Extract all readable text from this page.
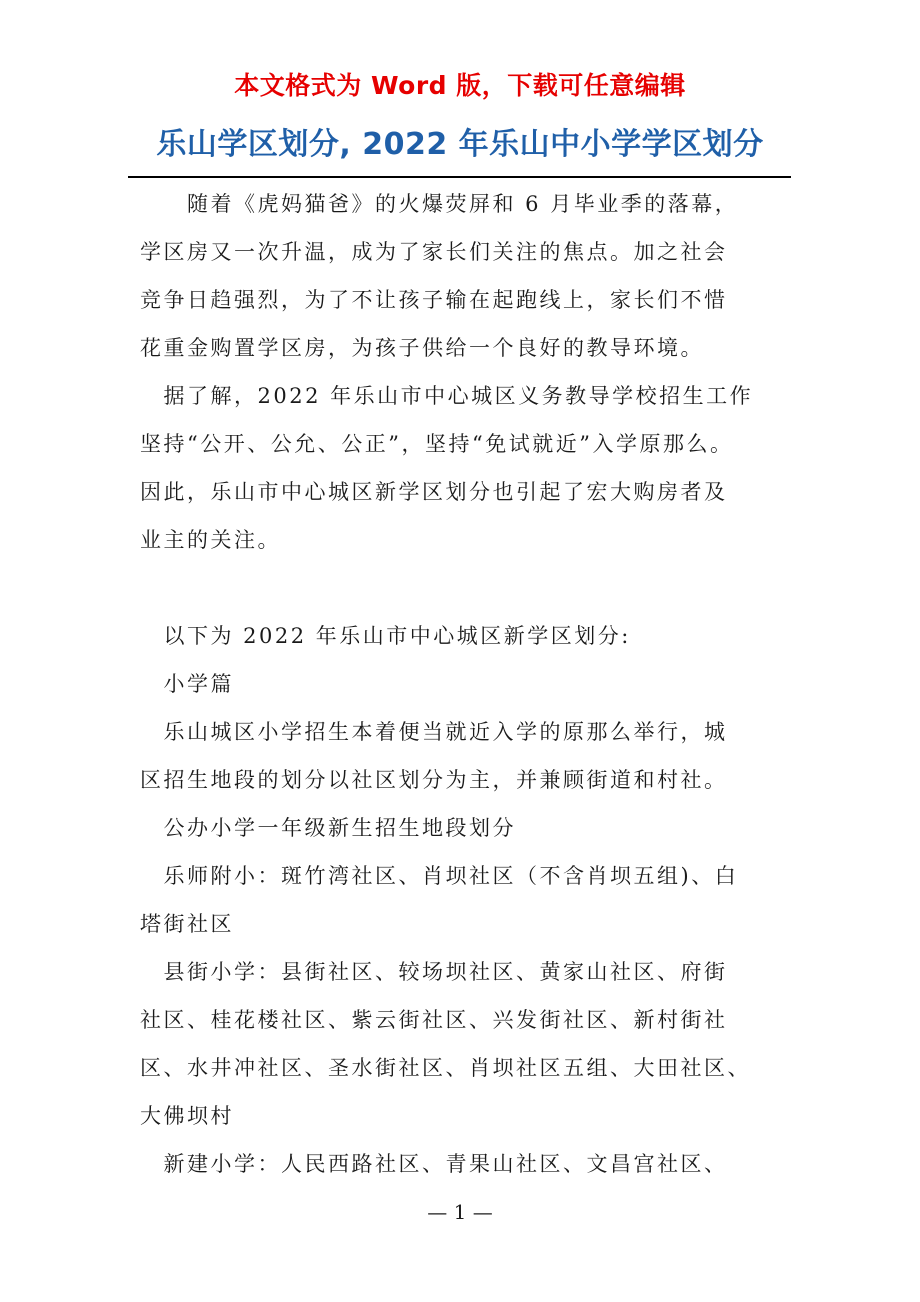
本文格式为 Word 版，下载可任意编辑
乐山学区划分, 2022 年乐山中小学学区划分
　　随着《虎妈猫爸》的火爆荧屏和 6 月毕业季的落幕，
学区房又一次升温，成为了家长们关注的焦点。加之社会
竞争日趋强烈，为了不让孩子输在起跑线上，家长们不惜
花重金购置学区房，为孩子供给一个良好的教导环境。
　据了解，2022 年乐山市中心城区义务教导学校招生工作
坚持“公开、公允、公正”，坚持“免试就近”入学原那么。
因此，乐山市中心城区新学区划分也引起了宏大购房者及
业主的关注。
　以下为 2022 年乐山市中心城区新学区划分:
　小学篇
　乐山城区小学招生本着便当就近入学的原那么举行，城
区招生地段的划分以社区划分为主，并兼顾街道和村社。
　公办小学一年级新生招生地段划分
　乐师附小：斑竹湾社区、肖坝社区（不含肖坝五组)、白
塔街社区
　县街小学：县街社区、较场坝社区、黄家山社区、府街
社区、桂花楼社区、紫云街社区、兴发街社区、新村街社
区、水井冲社区、圣水街社区、肖坝社区五组、大田社区、
大佛坝村
　新建小学：人民西路社区、青果山社区、文昌宫社区、
— 1 —
